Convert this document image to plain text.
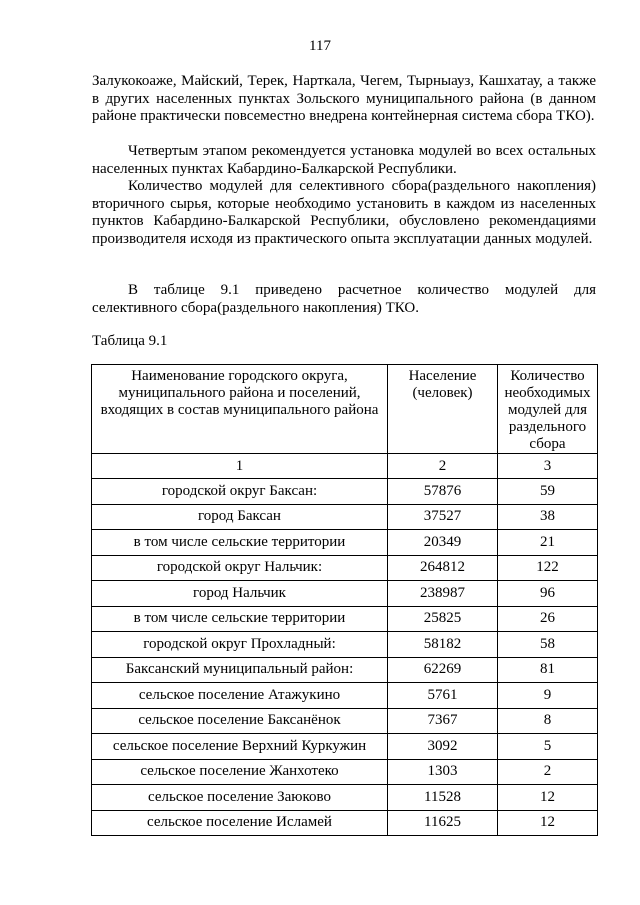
117

Залукокоаже, Майский, Терек, Нарткала, Чегем, Тырныауз, Кашхатау, а также в других населенных пунктах Зольского муниципального района (в данном районе практически повсеместно внедрена контейнерная система сбора ТКО).

Четвертым этапом рекомендуется установка модулей во всех остальных населенных пунктах Кабардино-Балкарской Республики.

Количество модулей для селективного сбора(раздельного накопления) вторичного сырья, которые необходимо установить в каждом из населенных пунктов Кабардино-Балкарской Республики, обусловлено рекомендациями производителя исходя из практического опыта эксплуатации данных модулей.

В таблице 9.1 приведено расчетное количество модулей для селективного сбора(раздельного накопления) ТКО.

Таблица 9.1
Наименование городского округа, муниципального района и поселений, входящих в состав муниципального района	Население (человек)	Количество необходимых модулей для раздельного сбора
1	2	3
городской округ Баксан:	57876	59
город Баксан	37527	38
в том числе сельские территории	20349	21
городской округ Нальчик:	264812	122
город Нальчик	238987	96
в том числе сельские территории	25825	26
городской округ Прохладный:	58182	58
Баксанский муниципальный район:	62269	81
сельское поселение Атажукино	5761	9
сельское поселение Баксанёнок	7367	8
сельское поселение Верхний Куркужин	3092	5
сельское поселение Жанхотеко	1303	2
сельское поселение Заюково	11528	12
сельское поселение Исламей	11625	12
